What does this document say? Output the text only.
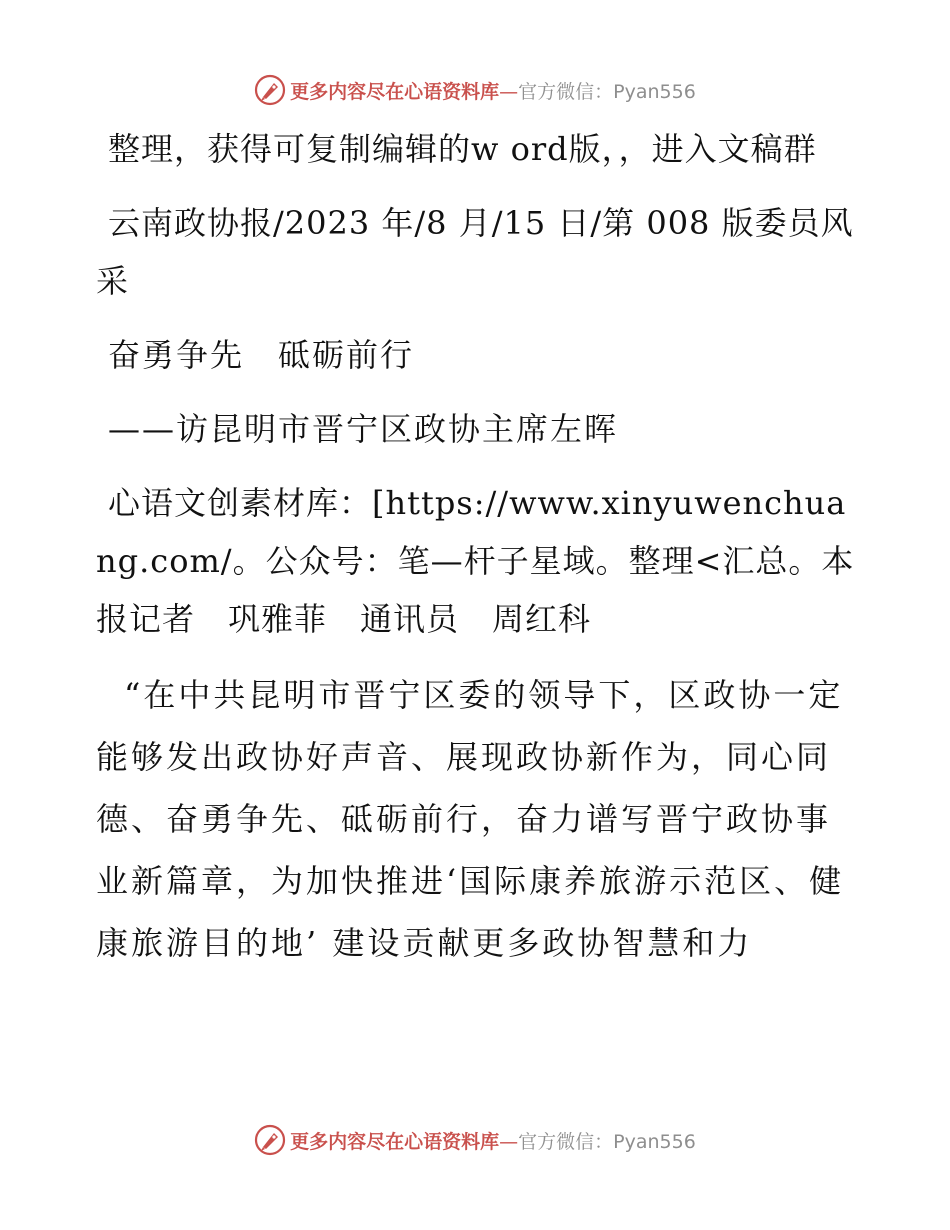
更多内容尽在心语资料库—官方微信：Pyan556

整理，获得可复制编辑的w ord版，，进入文稿群

云南政协报/2023 年/8 月/15 日/第 008 版委员风采

奋勇争先　砥砺前行

——访昆明市晋宁区政协主席左晖

心语文创素材库：[https://www.xinyuwenchuang.com/。公众号：笔—杆子星域。整理<汇总。本报记者　巩雅菲　通讯员　周红科

“在中共昆明市晋宁区委的领导下，区政协一定能够发出政协好声音、展现政协新作为，同心同德、奋勇争先、砥砺前行，奋力谱写晋宁政协事业新篇章，为加快推进‘国际康养旅游示范区、健康旅游目的地’ 建设贡献更多政协智慧和力

更多内容尽在心语资料库—官方微信：Pyan556
